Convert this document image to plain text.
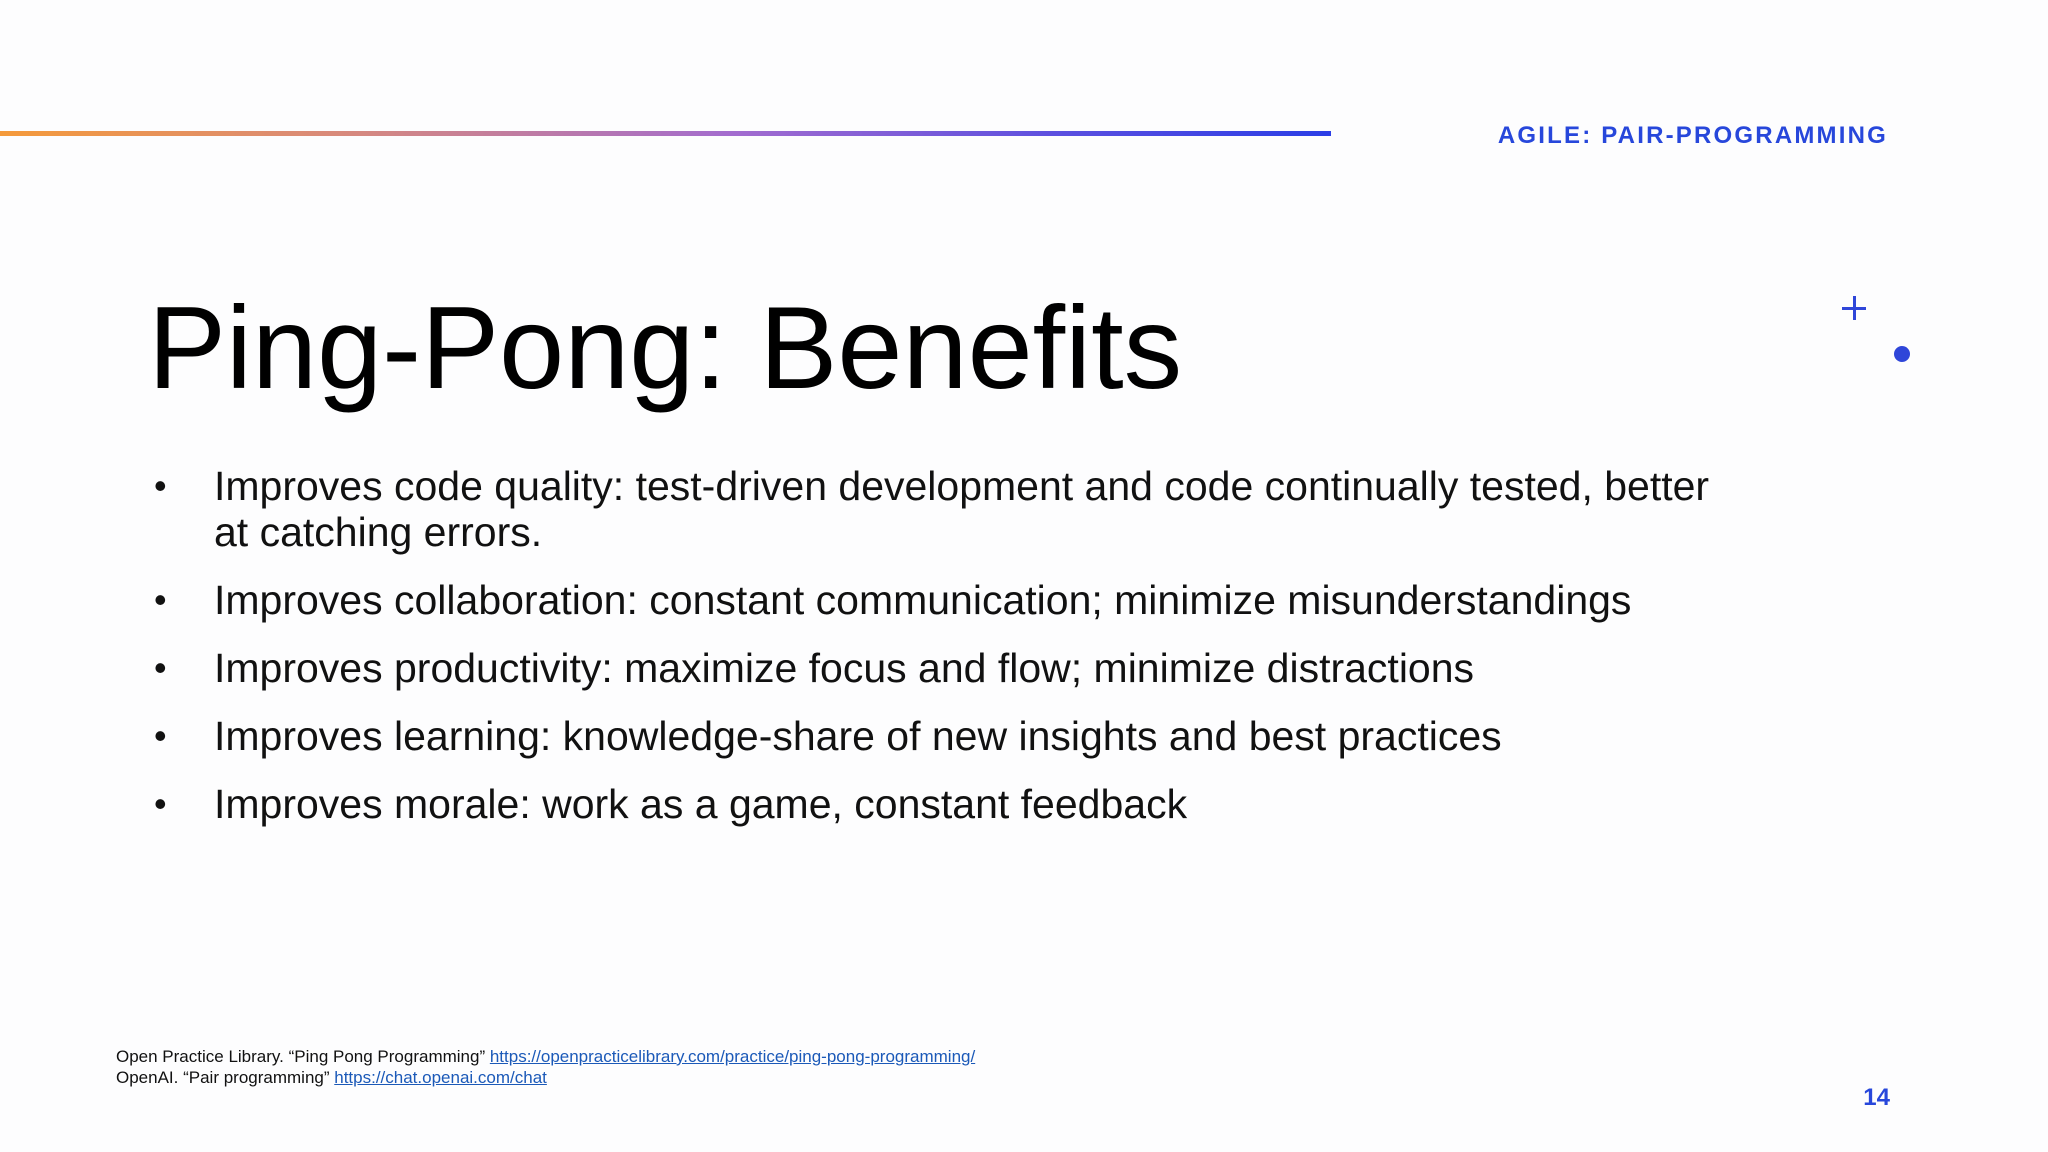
AGILE: PAIR-PROGRAMMING
Ping-Pong: Benefits
• Improves code quality: test-driven development and code continually tested, better at catching errors.
• Improves collaboration: constant communication; minimize misunderstandings
• Improves productivity: maximize focus and flow; minimize distractions
• Improves learning: knowledge-share of new insights and best practices
• Improves morale: work as a game, constant feedback
Open Practice Library. “Ping Pong Programming” https://openpracticelibrary.com/practice/ping-pong-programming/
OpenAI. “Pair programming” https://chat.openai.com/chat
14
